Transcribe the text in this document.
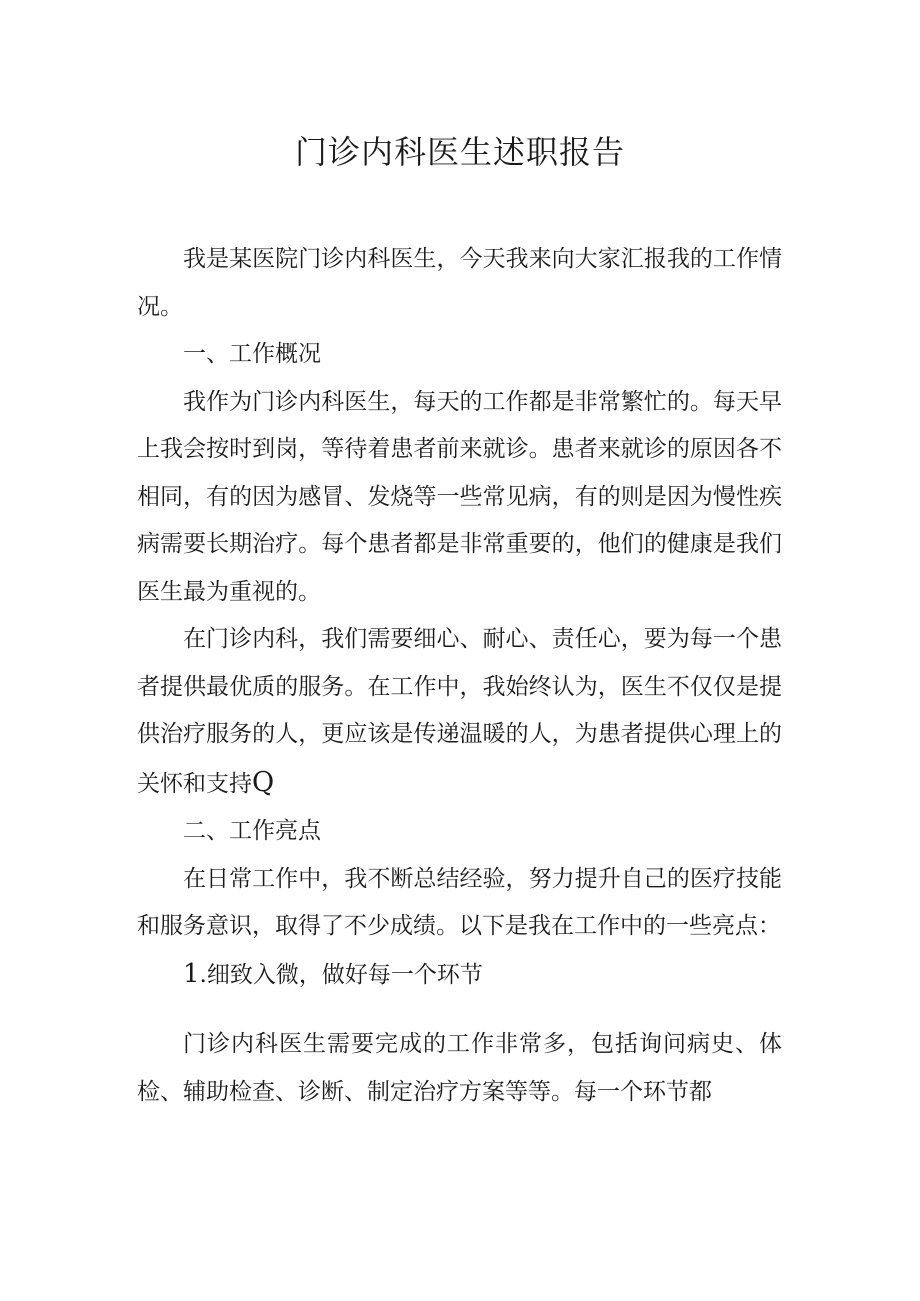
门诊内科医生述职报告

我是某医院门诊内科医生，今天我来向大家汇报我的工作情况。

一、工作概况

我作为门诊内科医生，每天的工作都是非常繁忙的。每天早上我会按时到岗，等待着患者前来就诊。患者来就诊的原因各不相同，有的因为感冒、发烧等一些常见病，有的则是因为慢性疾病需要长期治疗。每个患者都是非常重要的，他们的健康是我们医生最为重视的。

在门诊内科，我们需要细心、耐心、责任心，要为每一个患者提供最优质的服务。在工作中，我始终认为，医生不仅仅是提供治疗服务的人，更应该是传递温暖的人，为患者提供心理上的关怀和支持Q

二、工作亮点

在日常工作中，我不断总结经验，努力提升自己的医疗技能和服务意识，取得了不少成绩。以下是我在工作中的一些亮点：

1.细致入微，做好每一个环节

门诊内科医生需要完成的工作非常多，包括询问病史、体检、辅助检查、诊断、制定治疗方案等等。每一个环节都
